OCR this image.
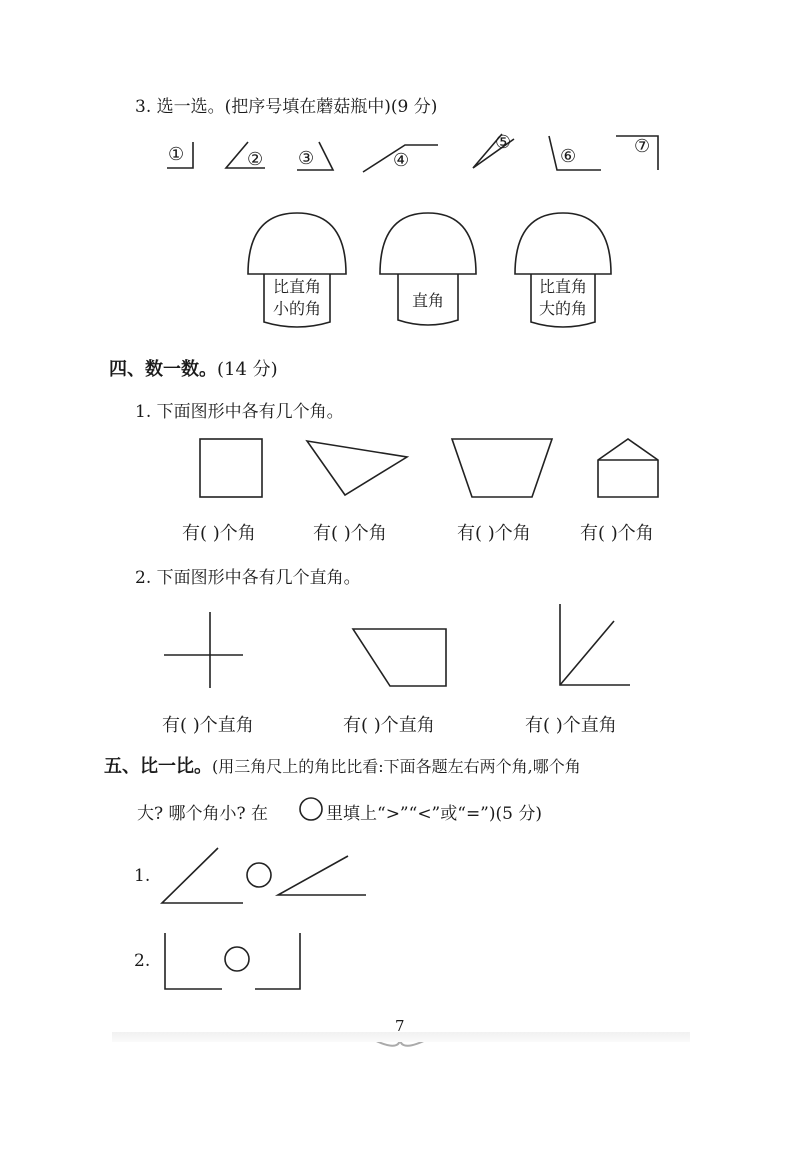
3. 选一选。(把序号填在蘑菇瓶中)(9 分)
①	② ③	④
⑤
⑥	⑦
比直角
小的角	直角
比直角
大的角
四、数一数。(14 分)
1. 下面图形中各有几个角。
有( )个角	有( )个角	有( )个角	有( )个角
2. 下面图形中各有几个直角。
有( )个直角	有( )个直角	有( )个直角
五、比一比。(用三角尺上的角比比看:下面各题左右两个角,哪个角
大? 哪个角小? 在	里填上“>”“<”或“=”)(5 分)
1.
2.
7
